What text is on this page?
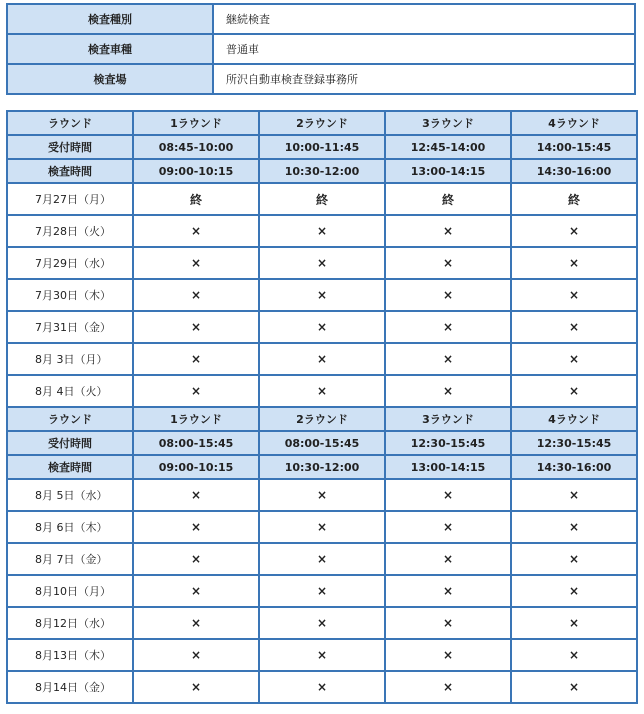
検査種別	継続検査
検査車種	普通車
検査場	所沢自動車検査登録事務所
ラウンド	1ラウンド	2ラウンド	3ラウンド	4ラウンド
受付時間	08:45-10:00	10:00-11:45	12:45-14:00	14:00-15:45
検査時間	09:00-10:15	10:30-12:00	13:00-14:15	14:30-16:00
7月27日（月）	終	終	終	終
7月28日（火）	×	×	×	×
7月29日（水）	×	×	×	×
7月30日（木）	×	×	×	×
7月31日（金）	×	×	×	×
8月 3日（月）	×	×	×	×
8月 4日（火）	×	×	×	×
ラウンド	1ラウンド	2ラウンド	3ラウンド	4ラウンド
受付時間	08:00-15:45	08:00-15:45	12:30-15:45	12:30-15:45
検査時間	09:00-10:15	10:30-12:00	13:00-14:15	14:30-16:00
8月 5日（水）	×	×	×	×
8月 6日（木）	×	×	×	×
8月 7日（金）	×	×	×	×
8月10日（月）	×	×	×	×
8月12日（水）	×	×	×	×
8月13日（木）	×	×	×	×
8月14日（金）	×	×	×	×
